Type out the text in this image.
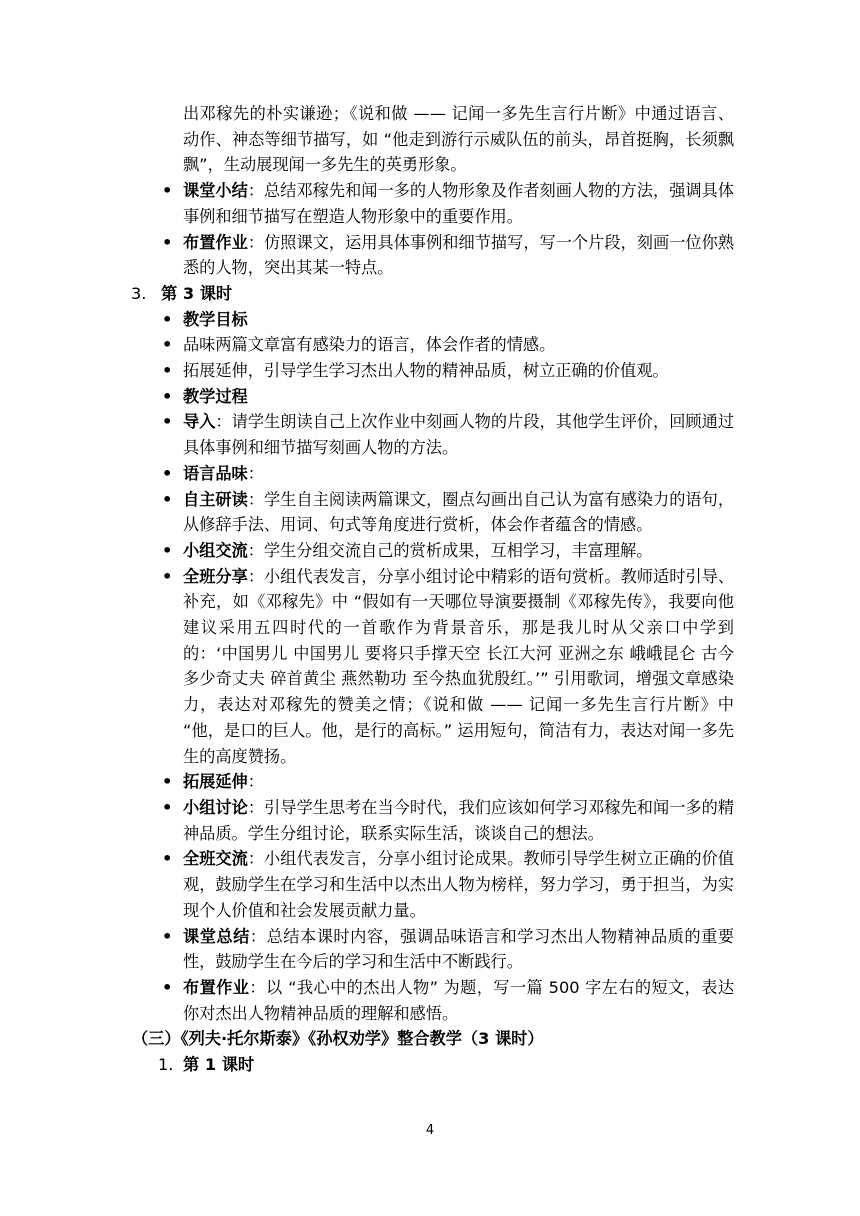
出邓稼先的朴实谦逊；《说和做 —— 记闻一多先生言行片断》中通过语言、动作、神态等细节描写，如 “他走到游行示威队伍的前头，昂首挺胸，长须飘飘”，生动展现闻一多先生的英勇形象。

• 课堂小结：总结邓稼先和闻一多的人物形象及作者刻画人物的方法，强调具体事例和细节描写在塑造人物形象中的重要作用。
• 布置作业：仿照课文，运用具体事例和细节描写，写一个片段，刻画一位你熟悉的人物，突出其某一特点。
3. 第 3 课时
• 教学目标
• 品味两篇文章富有感染力的语言，体会作者的情感。
• 拓展延伸，引导学生学习杰出人物的精神品质，树立正确的价值观。
• 教学过程
• 导入：请学生朗读自己上次作业中刻画人物的片段，其他学生评价，回顾通过具体事例和细节描写刻画人物的方法。
• 语言品味：
• 自主研读：学生自主阅读两篇课文，圈点勾画出自己认为富有感染力的语句，从修辞手法、用词、句式等角度进行赏析，体会作者蕴含的情感。
• 小组交流：学生分组交流自己的赏析成果，互相学习，丰富理解。
• 全班分享：小组代表发言，分享小组讨论中精彩的语句赏析。教师适时引导、补充，如《邓稼先》中 “假如有一天哪位导演要摄制《邓稼先传》，我要向他建议采用五四时代的一首歌作为背景音乐，那是我儿时从父亲口中学到的：‘中国男儿 中国男儿 要将只手撑天空 长江大河 亚洲之东 峨峨昆仑 古今多少奇丈夫 碎首黄尘 燕然勒功 至今热血犹殷红。’” 引用歌词，增强文章感染力，表达对邓稼先的赞美之情；《说和做 —— 记闻一多先生言行片断》中 “他，是口的巨人。他，是行的高标。” 运用短句，简洁有力，表达对闻一多先生的高度赞扬。
• 拓展延伸：
• 小组讨论：引导学生思考在当今时代，我们应该如何学习邓稼先和闻一多的精神品质。学生分组讨论，联系实际生活，谈谈自己的想法。
• 全班交流：小组代表发言，分享小组讨论成果。教师引导学生树立正确的价值观，鼓励学生在学习和生活中以杰出人物为榜样，努力学习，勇于担当，为实现个人价值和社会发展贡献力量。
• 课堂总结：总结本课时内容，强调品味语言和学习杰出人物精神品质的重要性，鼓励学生在今后的学习和生活中不断践行。
• 布置作业：以 “我心中的杰出人物” 为题，写一篇 500 字左右的短文，表达你对杰出人物精神品质的理解和感悟。
（三）《列夫·托尔斯泰》《孙权劝学》整合教学（3 课时）
1. 第 1 课时
4
